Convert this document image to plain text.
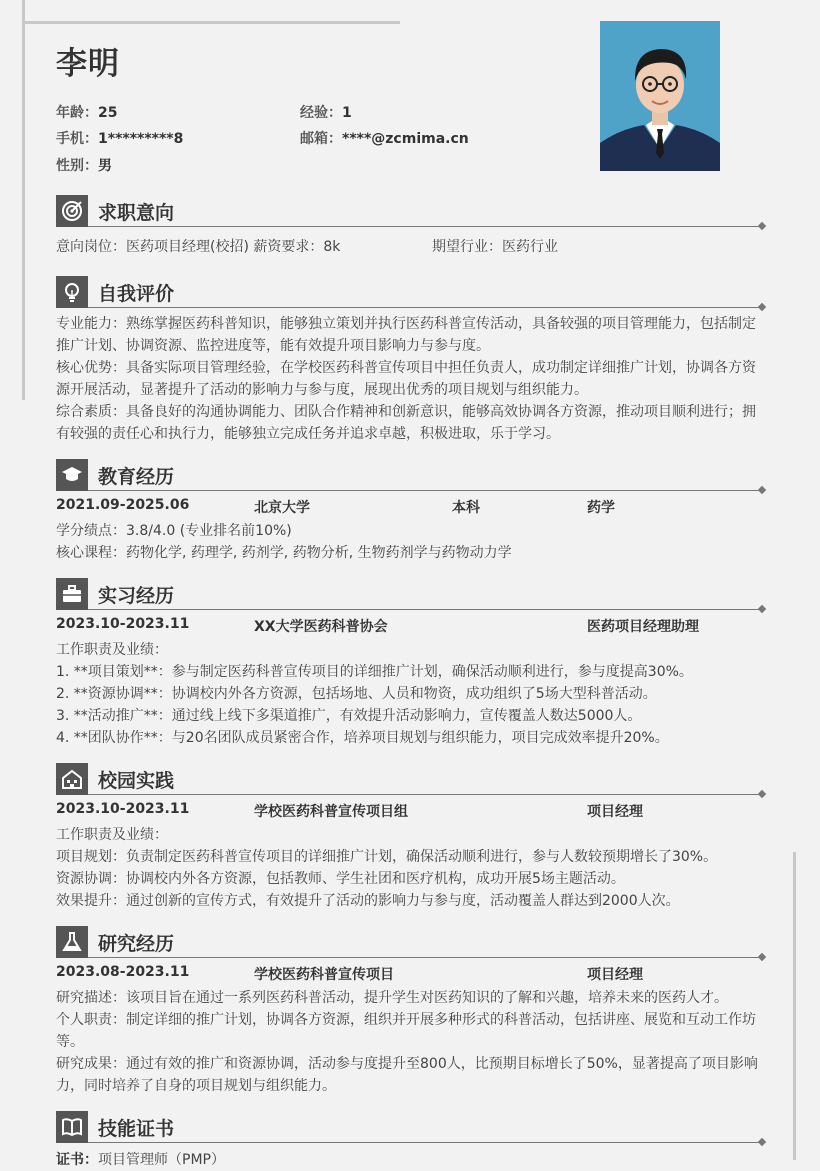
李明
年龄：25	经验：1
手机：1*********8	邮箱：****@zcmima.cn
性别：男
求职意向
意向岗位：医药项目经理(校招) 薪资要求：8k	期望行业：医药行业
自我评价

专业能力：熟练掌握医药科普知识，能够独立策划并执行医药科普宣传活动，具备较强的项目管理能力，包括制定推广计划、协调资源、监控进度等，能有效提升项目影响力与参与度。

核心优势：具备实际项目管理经验，在学校医药科普宣传项目中担任负责人，成功制定详细推广计划，协调各方资源开展活动，显著提升了活动的影响力与参与度，展现出优秀的项目规划与组织能力。

综合素质：具备良好的沟通协调能力、团队合作精神和创新意识，能够高效协调各方资源，推动项目顺利进行；拥有较强的责任心和执行力，能够独立完成任务并追求卓越，积极进取，乐于学习。

教育经历
2021.09-2025.06	北京大学	本科	药学

学分绩点：3.8/4.0 (专业排名前10%)

核心课程：药物化学, 药理学, 药剂学, 药物分析, 生物药剂学与药物动力学

实习经历
2023.10-2023.11	XX大学医药科普协会	医药项目经理助理

工作职责及业绩：

1. **项目策划**：参与制定医药科普宣传项目的详细推广计划，确保活动顺利进行，参与度提高30%。

2. **资源协调**：协调校内外各方资源，包括场地、人员和物资，成功组织了5场大型科普活动。

3. **活动推广**：通过线上线下多渠道推广，有效提升活动影响力，宣传覆盖人数达5000人。

4. **团队协作**：与20名团队成员紧密合作，培养项目规划与组织能力，项目完成效率提升20%。

校园实践
2023.10-2023.11	学校医药科普宣传项目组	项目经理

工作职责及业绩：

项目规划：负责制定医药科普宣传项目的详细推广计划，确保活动顺利进行，参与人数较预期增长了30%。

资源协调：协调校内外各方资源，包括教师、学生社团和医疗机构，成功开展5场主题活动。

效果提升：通过创新的宣传方式，有效提升了活动的影响力与参与度，活动覆盖人群达到2000人次。

研究经历
2023.08-2023.11	学校医药科普宣传项目	项目经理

研究描述：该项目旨在通过一系列医药科普活动，提升学生对医药知识的了解和兴趣，培养未来的医药人才。

个人职责：制定详细的推广计划，协调各方资源，组织并开展多种形式的科普活动，包括讲座、展览和互动工作坊等。

研究成果：通过有效的推广和资源协调，活动参与度提升至800人，比预期目标增长了50%，显著提高了项目影响力，同时培养了自身的项目规划与组织能力。

技能证书
证书：项目管理师（PMP）
